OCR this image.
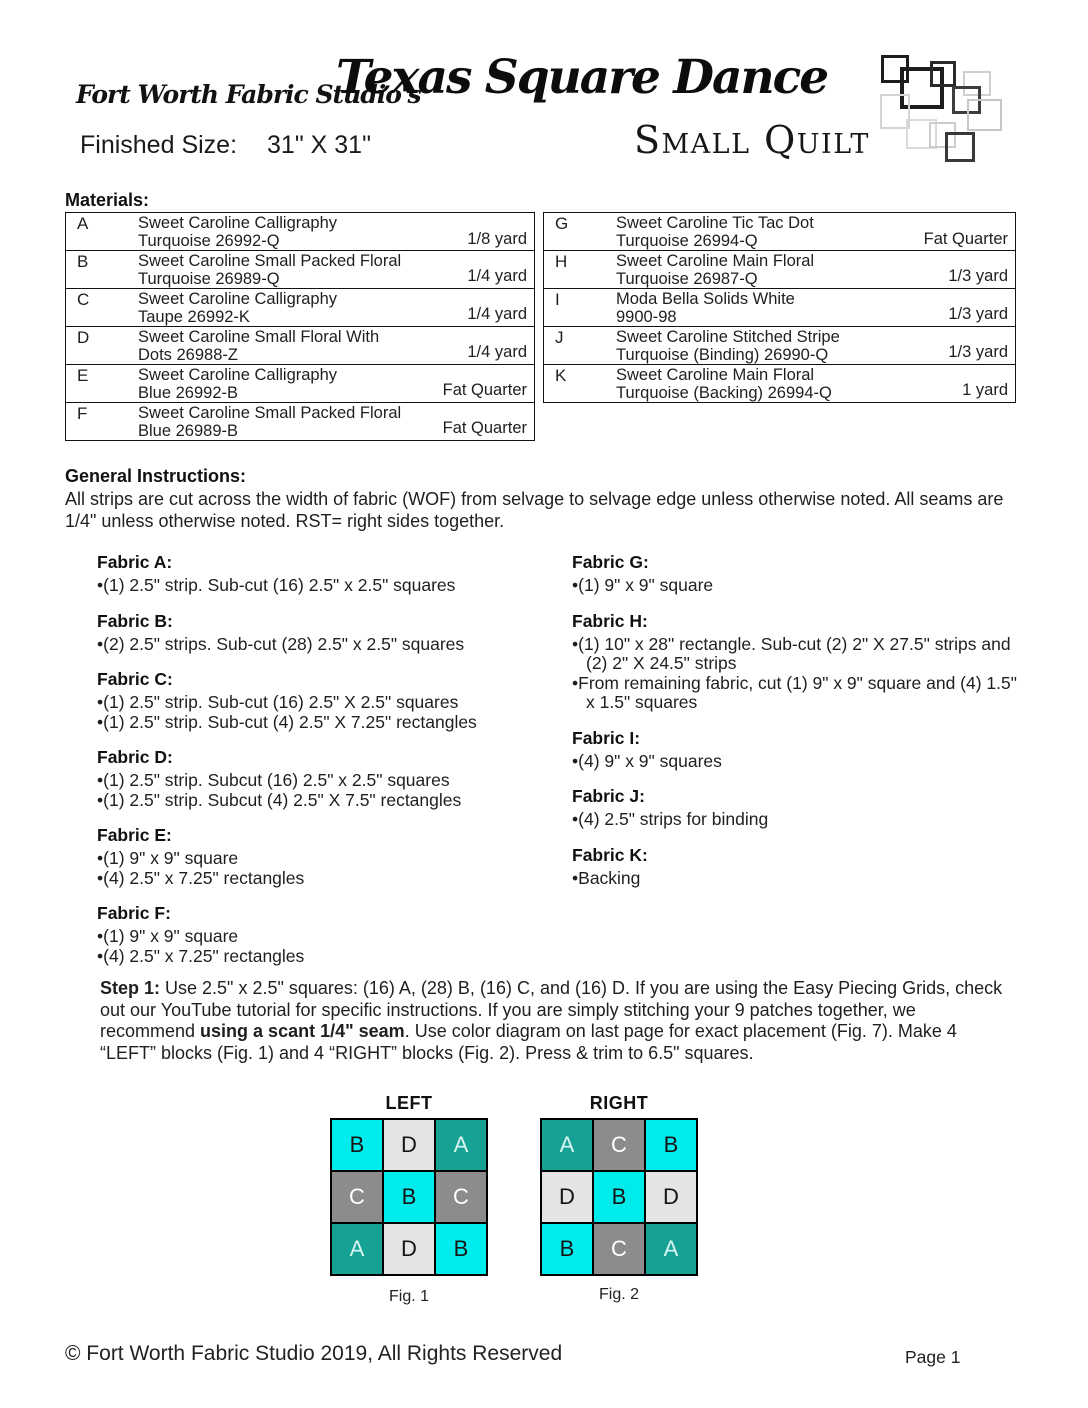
Fort Worth Fabric Studio's
Texas Square Dance
Finished Size: 31" X 31"	Small Quilt
Materials:
A	Sweet Caroline Calligraphy
Turquoise 26992-Q	1/8 yard
B	Sweet Caroline Small Packed Floral
Turquoise 26989-Q	1/4 yard
C	Sweet Caroline Calligraphy
Taupe 26992-K	1/4 yard
D	Sweet Caroline Small Floral With
Dots 26988-Z	1/4 yard
E	Sweet Caroline Calligraphy
Blue 26992-B	Fat Quarter
F	Sweet Caroline Small Packed Floral
Blue 26989-B	Fat Quarter
G	Sweet Caroline Tic Tac Dot
Turquoise 26994-Q	Fat Quarter
H	Sweet Caroline Main Floral
Turquoise 26987-Q	1/3 yard
I	Moda Bella Solids White
9900-98	1/3 yard
J	Sweet Caroline Stitched Stripe
Turquoise (Binding) 26990-Q	1/3 yard
K	Sweet Caroline Main Floral
Turquoise (Backing) 26994-Q	1 yard
General Instructions:
All strips are cut across the width of fabric (WOF) from selvage to selvage edge unless otherwise noted. All seams are 1/4" unless otherwise noted. RST= right sides together.
Fabric A:
• (1) 2.5" strip. Sub-cut (16) 2.5" x 2.5" squares
Fabric B:
• (2) 2.5" strips. Sub-cut (28) 2.5" x 2.5" squares
Fabric C:
• (1) 2.5" strip. Sub-cut (16) 2.5" X 2.5" squares
• (1) 2.5" strip. Sub-cut (4) 2.5" X 7.25" rectangles
Fabric D:
• (1) 2.5" strip. Subcut (16) 2.5" x 2.5" squares
• (1) 2.5" strip. Subcut (4) 2.5" X 7.5" rectangles
Fabric E:
• (1) 9" x 9" square
• (4) 2.5" x 7.25" rectangles
Fabric F:
• (1) 9" x 9" square
• (4) 2.5" x 7.25" rectangles
Fabric G:
• (1) 9" x 9" square
Fabric H:
• (1) 10" x 28" rectangle. Sub-cut (2) 2" X 27.5" strips and (2) 2" X 24.5" strips
• From remaining fabric, cut (1) 9" x 9" square and (4) 1.5" x 1.5" squares
Fabric I:
• (4) 9" x 9" squares
Fabric J:
• (4) 2.5" strips for binding
Fabric K:
• Backing
Step 1: Use 2.5" x 2.5" squares: (16) A, (28) B, (16) C, and (16) D. If you are using the Easy Piecing Grids, check out our YouTube tutorial for specific instructions. If you are simply stitching your 9 patches together, we recommend using a scant 1/4" seam. Use color diagram on last page for exact placement (Fig. 7). Make 4 “LEFT” blocks (Fig. 1) and 4 “RIGHT” blocks (Fig. 2). Press & trim to 6.5" squares.
LEFT	RIGHT
B	D	A
C	B	C
A	D	B
A	C	B
D	B	D
B	C	A
Fig. 1	Fig. 2
© Fort Worth Fabric Studio 2019, All Rights Reserved	Page 1
